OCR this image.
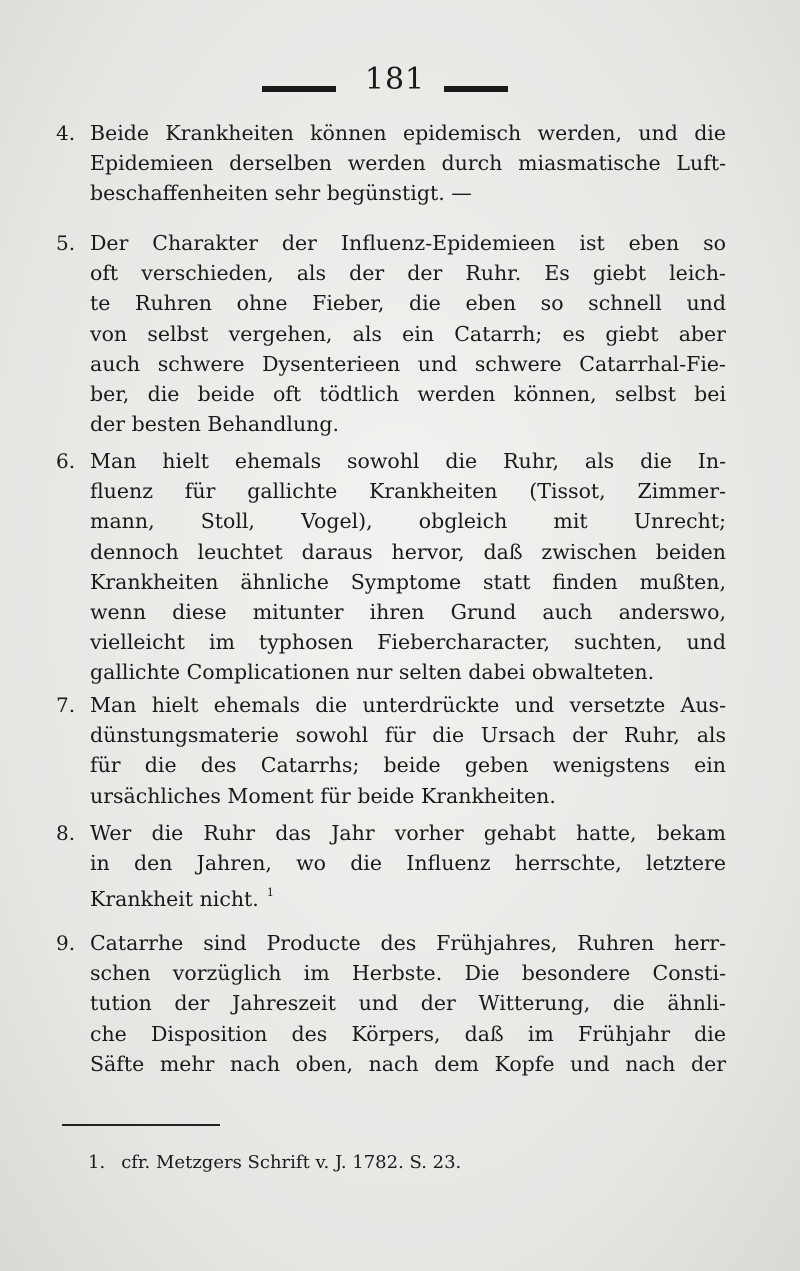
181
4. Beide Krankheiten können epidemisch werden, und die
Epidemieen derselben werden durch miasmatische Luft-
beschaffenheiten sehr begünstigt. —
5. Der Charakter der Influenz-Epidemieen ist eben so
oft verschieden, als der der Ruhr. Es giebt leich-
te Ruhren ohne Fieber, die eben so schnell und
von selbst vergehen, als ein Catarrh; es giebt aber
auch schwere Dysenterieen und schwere Catarrhal-Fie-
ber, die beide oft tödtlich werden können, selbst bei
der besten Behandlung.
6. Man hielt ehemals sowohl die Ruhr, als die In-
fluenz für gallichte Krankheiten (Tissot, Zimmer-
mann, Stoll, Vogel), obgleich mit Unrecht;
dennoch leuchtet daraus hervor, daß zwischen beiden
Krankheiten ähnliche Symptome statt finden mußten,
wenn diese mitunter ihren Grund auch anderswo,
vielleicht im typhosen Fiebercharacter, suchten, und
gallichte Complicationen nur selten dabei obwalteten.
7. Man hielt ehemals die unterdrückte und versetzte Aus-
dünstungsmaterie sowohl für die Ursach der Ruhr, als
für die des Catarrhs; beide geben wenigstens ein
ursächliches Moment für beide Krankheiten.
8. Wer die Ruhr das Jahr vorher gehabt hatte, bekam
in den Jahren, wo die Influenz herrschte, letztere
Krankheit nicht. $^1$
9. Catarrhe sind Producte des Frühjahres, Ruhren herr-
schen vorzüglich im Herbste. Die besondere Consti-
tution der Jahreszeit und der Witterung, die ähnli-
che Disposition des Körpers, daß im Frühjahr die
Säfte mehr nach oben, nach dem Kopfe und nach der
1. cfr. Metzgers Schrift v. J. 1782. S. 23.
